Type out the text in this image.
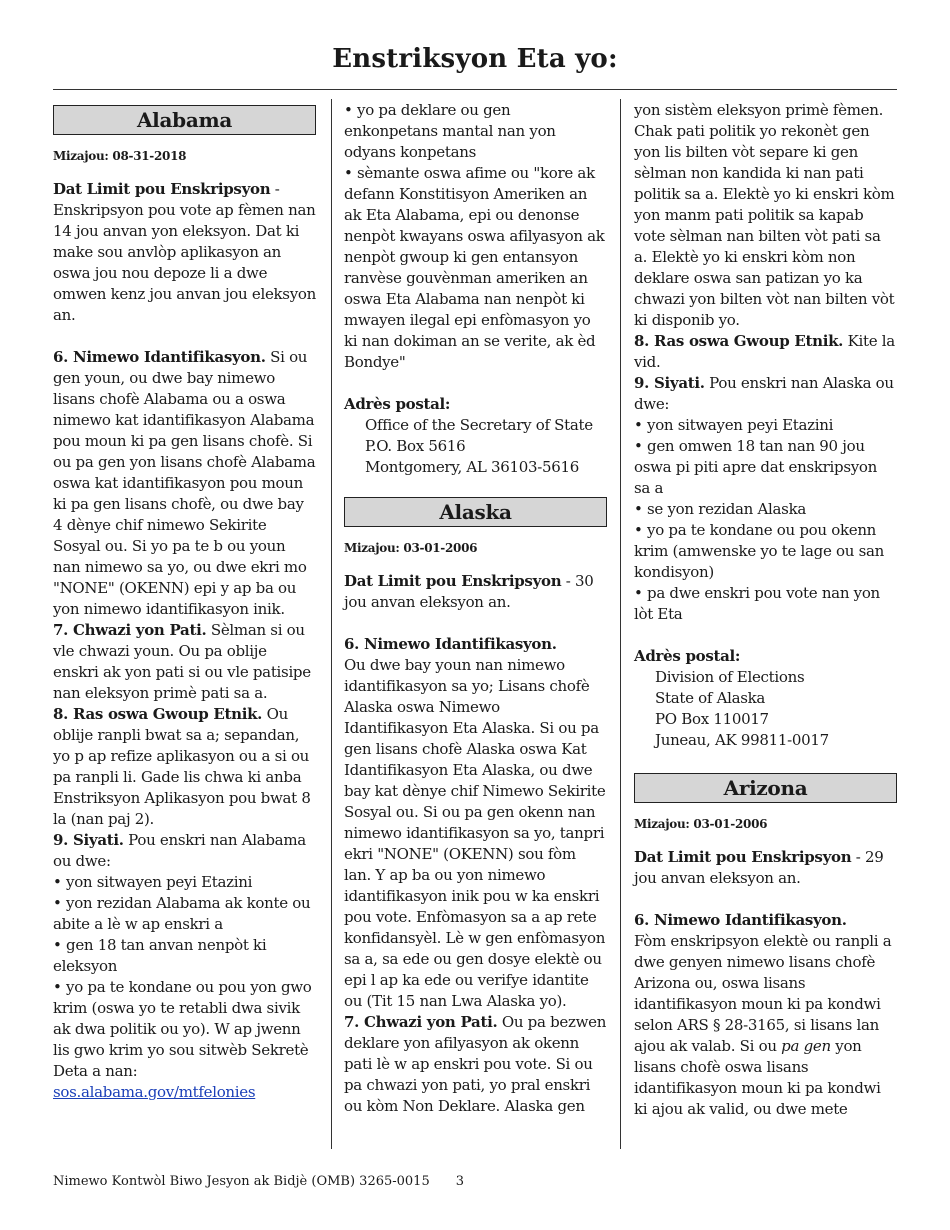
Enstriksyon Eta yo:
Alabama

Mizajou: 08-31-2018

Dat Limit pou Enskripsyon - Enskripsyon pou vote ap fèmen nan 14 jou anvan yon eleksyon. Dat ki make sou anvlòp aplikasyon an oswa jou nou depoze li a dwe omwen kenz jou anvan jou eleksyon an.

6. Nimewo Idantifikasyon. Si ou gen youn, ou dwe bay nimewo lisans chofè Alabama ou a oswa nimewo kat idantifikasyon Alabama pou moun ki pa gen lisans chofè. Si ou pa gen yon lisans chofè Alabama oswa kat idantifikasyon pou moun ki pa gen lisans chofè, ou dwe bay 4 dènye chif nimewo Sekirite Sosyal ou. Si yo pa te b ou youn nan nimewo sa yo, ou dwe ekri mo "NONE" (OKENN) epi y ap ba ou yon nimewo idantifikasyon inik.

7. Chwazi yon Pati. Sèlman si ou vle chwazi youn. Ou pa oblije enskri ak yon pati si ou vle patisipe nan eleksyon primè pati sa a.

8. Ras oswa Gwoup Etnik. Ou oblije ranpli bwat sa a; sepandan, yo p ap refize aplikasyon ou a si ou pa ranpli li. Gade lis chwa ki anba Enstriksyon Aplikasyon pou bwat 8 la (nan paj 2).

9. Siyati. Pou enskri nan Alabama ou dwe:

• yon sitwayen peyi Etazini

• yon rezidan Alabama ak konte ou abite a lè w ap enskri a

• gen 18 tan anvan nenpòt ki eleksyon

• yo pa te kondane ou pou yon gwo krim (oswa yo te retabli dwa sivik ak dwa politik ou yo). W ap jwenn lis gwo krim yo sou sitwèb Sekretè Deta a nan:

sos.alabama.gov/mtfelonies

• yo pa deklare ou gen enkonpetans mantal nan yon odyans konpetans

• sèmante oswa afime ou "kore ak defann Konstitisyon Ameriken an ak Eta Alabama, epi ou denonse nenpòt kwayans oswa afilyasyon ak nenpòt gwoup ki gen entansyon ranvèse gouvènman ameriken an oswa Eta Alabama nan nenpòt ki mwayen ilegal epi enfòmasyon yo ki nan dokiman an se verite, ak èd Bondye"

Adrès postal:

Office of the Secretary of State

P.O. Box 5616

Montgomery, AL 36103-5616

Alaska

Mizajou: 03-01-2006

Dat Limit pou Enskripsyon - 30 jou anvan eleksyon an.

6. Nimewo Idantifikasyon.

Ou dwe bay youn nan nimewo idantifikasyon sa yo; Lisans chofè Alaska oswa Nimewo Idantifikasyon Eta Alaska. Si ou pa gen lisans chofè Alaska oswa Kat Idantifikasyon Eta Alaska, ou dwe bay kat dènye chif Nimewo Sekirite Sosyal ou. Si ou pa gen okenn nan nimewo idantifikasyon sa yo, tanpri ekri "NONE" (OKENN) sou fòm lan. Y ap ba ou yon nimewo idantifikasyon inik pou w ka enskri pou vote. Enfòmasyon sa a ap rete konfidansyèl. Lè w gen enfòmasyon sa a, sa ede ou gen dosye elektè ou epi l ap ka ede ou verifye idantite ou (Tit 15 nan Lwa Alaska yo).

7. Chwazi yon Pati. Ou pa bezwen deklare yon afilyasyon ak okenn pati lè w ap enskri pou vote. Si ou pa chwazi yon pati, yo pral enskri ou kòm Non Deklare. Alaska gen

yon sistèm eleksyon primè fèmen. Chak pati politik yo rekonèt gen yon lis bilten vòt separe ki gen sèlman non kandida ki nan pati politik sa a. Elektè yo ki enskri kòm yon manm pati politik sa kapab vote sèlman nan bilten vòt pati sa a. Elektè yo ki enskri kòm non deklare oswa san patizan yo ka chwazi yon bilten vòt nan bilten vòt ki disponib yo.

8. Ras oswa Gwoup Etnik. Kite la vid.

9. Siyati. Pou enskri nan Alaska ou dwe:

• yon sitwayen peyi Etazini

• gen omwen 18 tan nan 90 jou oswa pi piti apre dat enskripsyon sa a

• se yon rezidan Alaska

• yo pa te kondane ou pou okenn krim (amwenske yo te lage ou san kondisyon)

• pa dwe enskri pou vote nan yon lòt Eta

Adrès postal:

Division of Elections

State of Alaska

PO Box 110017

Juneau, AK 99811-0017

Arizona

Mizajou: 03-01-2006

Dat Limit pou Enskripsyon - 29 jou anvan eleksyon an.

6. Nimewo Idantifikasyon.

Fòm enskripsyon elektè ou ranpli a dwe genyen nimewo lisans chofè Arizona ou, oswa lisans idantifikasyon moun ki pa kondwi selon ARS § 28-3165, si lisans lan ajou ak valab. Si ou pa gen yon lisans chofè oswa lisans idantifikasyon moun ki pa kondwi ki ajou ak valid, ou dwe mete

Nimewo Kontwòl Biwo Jesyon ak Bidjè (OMB) 3265-0015 3
